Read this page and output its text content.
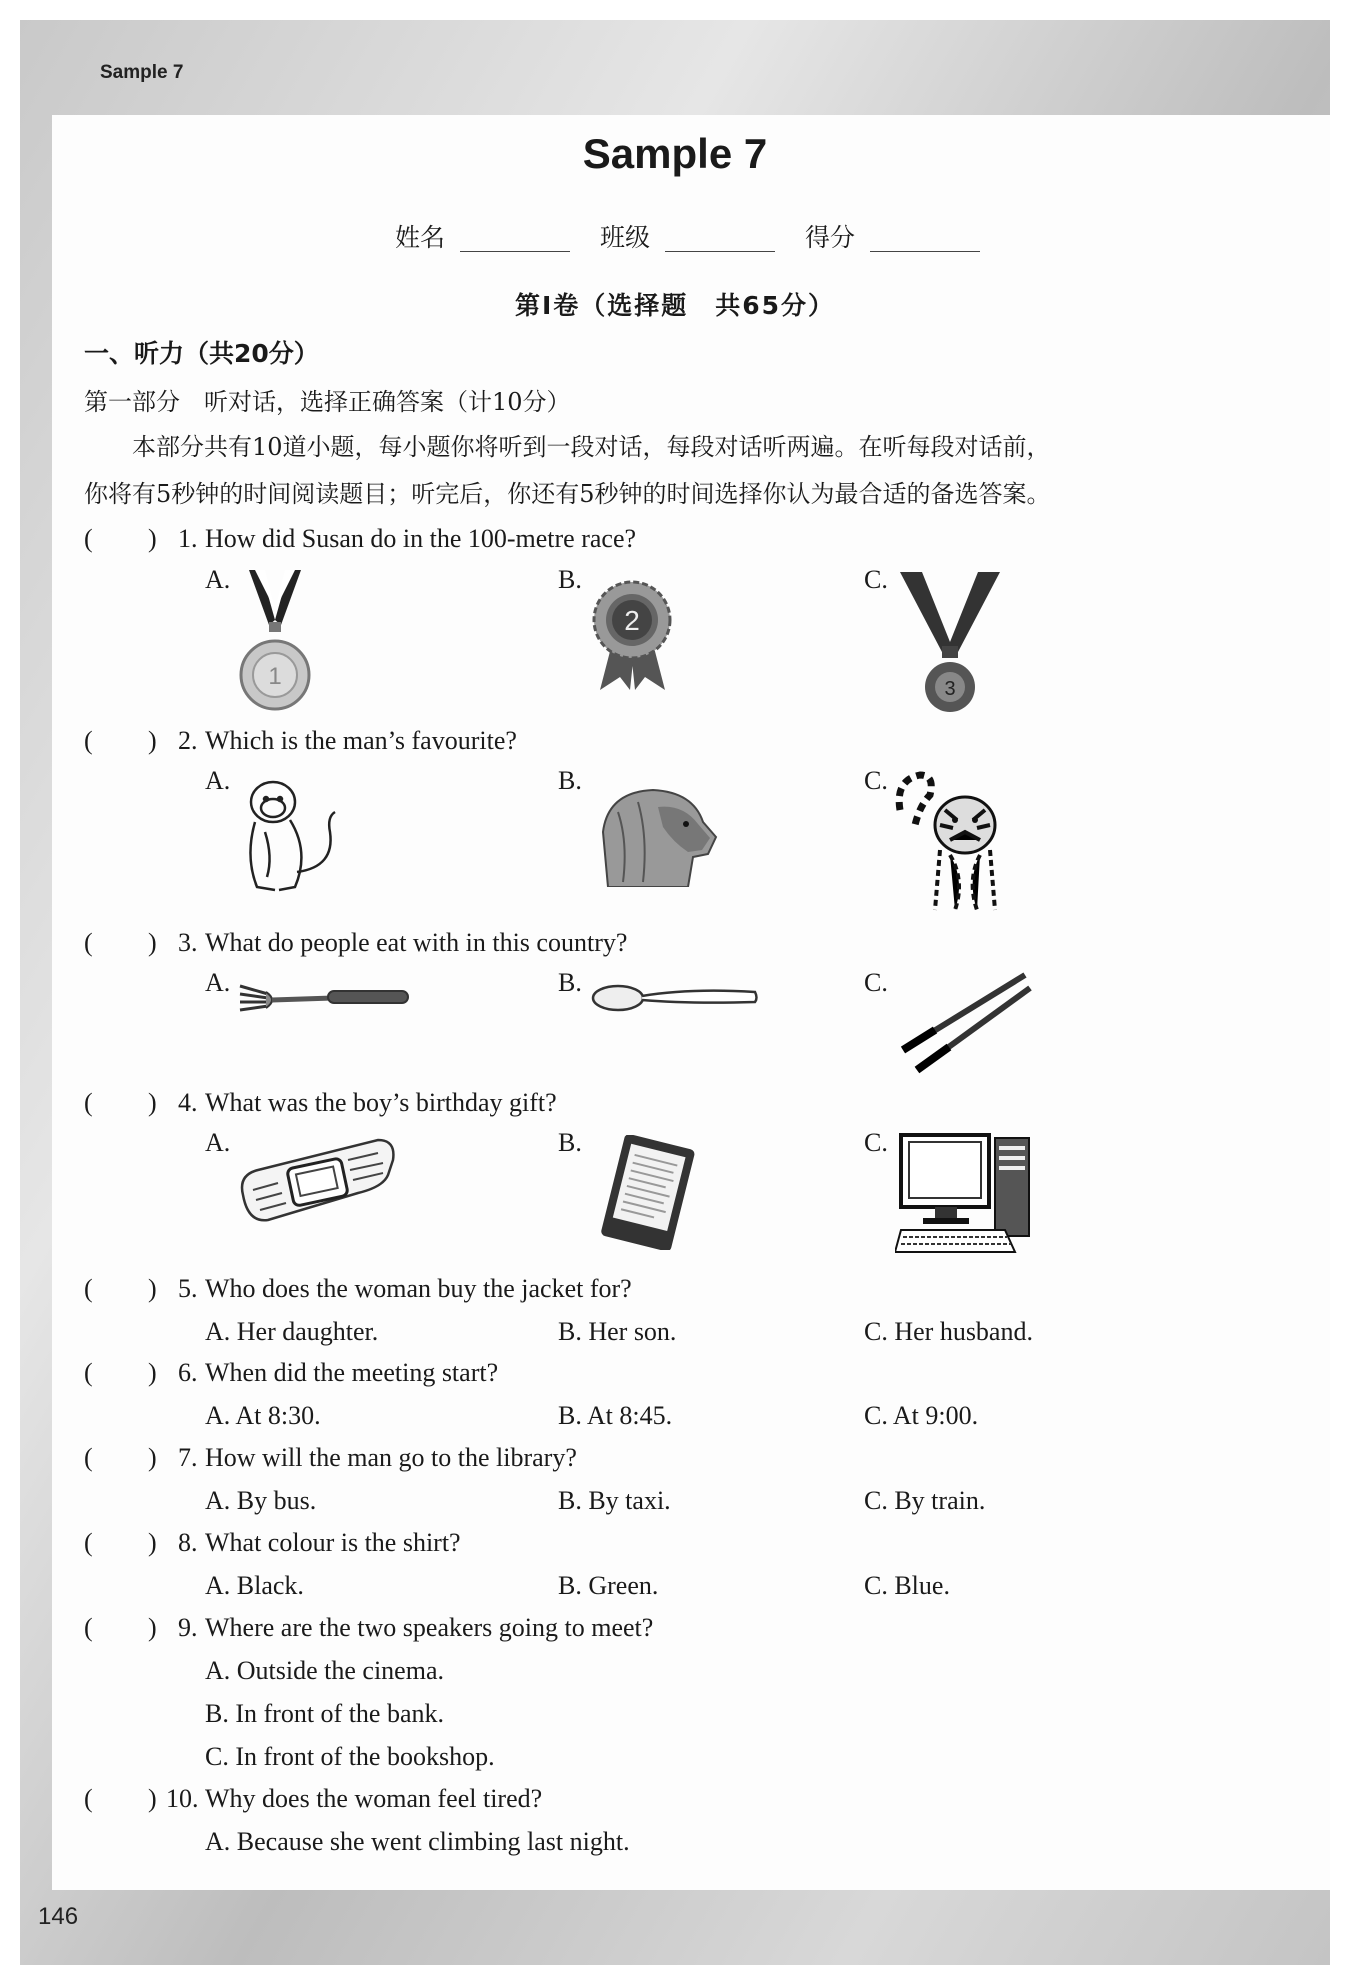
Sample 7
146
Sample 7
姓名	班级	得分
第Ⅰ卷（选择题　共65分）
一、听力（共20分）
第一部分　听对话，选择正确答案（计10分）
　　本部分共有10道小题，每小题你将听到一段对话，每段对话听两遍。在听每段对话前，
你将有5秒钟的时间阅读题目；听完后，你还有5秒钟的时间选择你认为最合适的备选答案。
( ) 1. How did Susan do in the 100-metre race?
A.	B.	C.
1
2
3
( ) 2. Which is the man’s favourite?
A.	B.	C.
( ) 3. What do people eat with in this country?
A.	B.	C.
( ) 4. What was the boy’s birthday gift?
A.	B.	C.
( ) 5. Who does the woman buy the jacket for?
A. Her daughter.	B. Her son.	C. Her husband.
( ) 6. When did the meeting start?
A. At 8:30.	B. At 8:45.	C. At 9:00.
( ) 7. How will the man go to the library?
A. By bus.	B. By taxi.	C. By train.
( ) 8. What colour is the shirt?
A. Black.	B. Green.	C. Blue.
( ) 9. Where are the two speakers going to meet?
A. Outside the cinema.
B. In front of the bank.
C. In front of the bookshop.
( ) 10. Why does the woman feel tired?
A. Because she went climbing last night.
